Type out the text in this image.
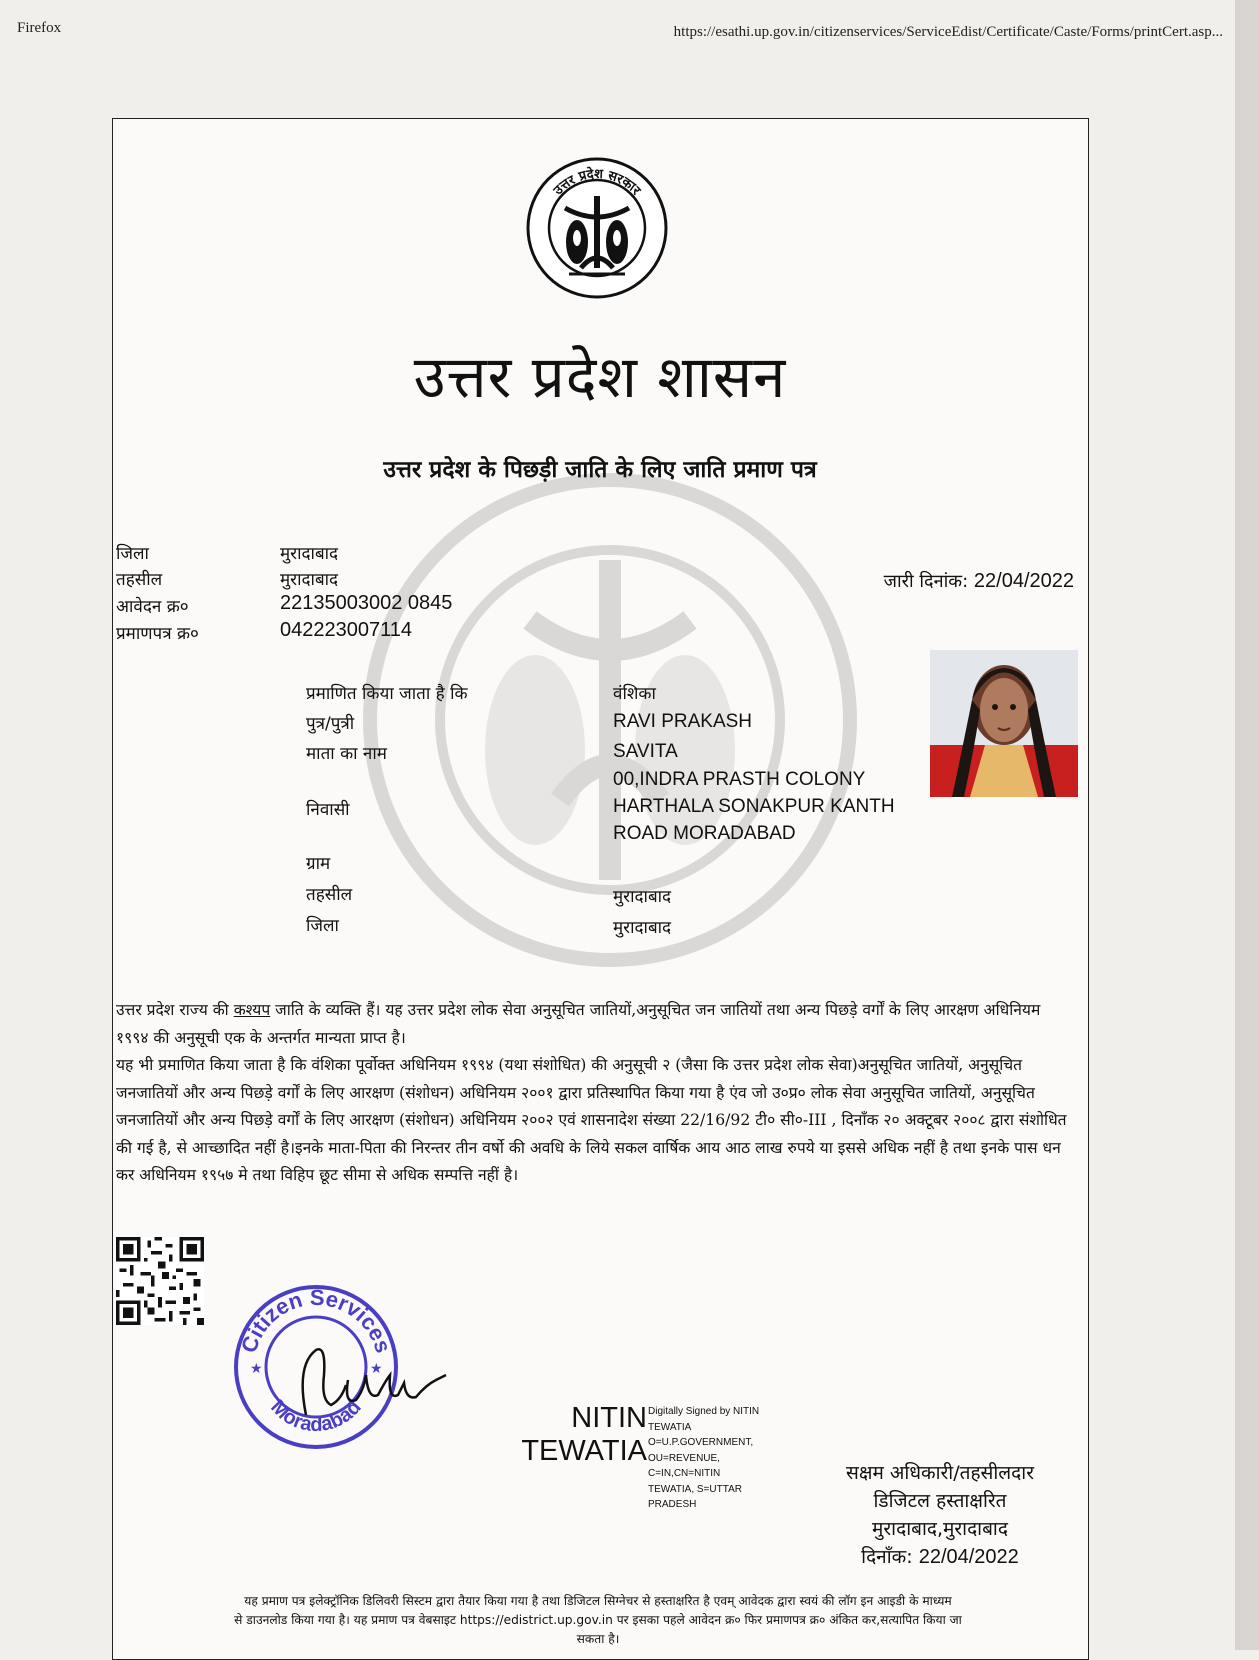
Firefox	https://esathi.up.gov.in/citizenservices/ServiceEdist/Certificate/Caste/Forms/printCert.asp...
उत्तर प्रदेश सरकार
उत्तर प्रदेश शासन
उत्तर प्रदेश के पिछड़ी जाति के लिए जाति प्रमाण पत्र
जिला	मुरादाबाद
तहसील	मुरादाबाद
आवेदन क्र०	22135003002 0845
प्रमाणपत्र क्र०	042223007114
जारी दिनांक: 22/04/2022
प्रमाणित किया जाता है कि	वंशिका
पुत्र/पुत्री	RAVI PRAKASH
माता का नाम	SAVITA
00,INDRA PRASTH COLONY
निवासी	HARTHALA SONAKPUR KANTH
ROAD MORADABAD
ग्राम
तहसील	मुरादाबाद
जिला	मुरादाबाद

उत्तर प्रदेश राज्य की कश्यप जाति के व्यक्ति हैं। यह उत्तर प्रदेश लोक सेवा अनुसूचित जातियों,अनुसूचित जन जातियों तथा अन्य पिछड़े वर्गों के लिए आरक्षण अधिनियम १९९४ की अनुसूची एक के अन्तर्गत मान्यता प्राप्त है।

यह भी प्रमाणित किया जाता है कि वंशिका पूर्वोक्त अधिनियम १९९४ (यथा संशोधित) की अनुसूची २ (जैसा कि उत्तर प्रदेश लोक सेवा)अनुसूचित जातियों, अनुसूचित जनजातियों और अन्य पिछड़े वर्गों के लिए आरक्षण (संशोधन) अधिनियम २००१ द्वारा प्रतिस्थापित किया गया है एंव जो उ०प्र० लोक सेवा अनुसूचित जातियों, अनुसूचित जनजातियों और अन्य पिछड़े वर्गों के लिए आरक्षण (संशोधन) अधिनियम २००२ एवं शासनादेश संख्या 22/16/92 टी० सी०-III , दिनाँक २० अक्टूबर २००८ द्वारा संशोधित की गई है, से आच्छादित नहीं है।इनके माता-पिता की निरन्तर तीन वर्षो की अवधि के लिये सकल वार्षिक आय आठ लाख रुपये या इससे अधिक नहीं है तथा इनके पास धन कर अधिनियम १९५७ मे तथा विहिप छूट सीमा से अधिक सम्पत्ति नहीं है।

Citizen Services
Moradabad
★	★
NITIN
TEWATIA
Digitally Signed by NITIN
TEWATIA
O=U.P.GOVERNMENT,
OU=REVENUE,
C=IN,CN=NITIN
TEWATIA, S=UTTAR
PRADESH
सक्षम अधिकारी/तहसीलदार
डिजिटल हस्ताक्षरित
मुरादाबाद,मुरादाबाद
दिनाँक: 22/04/2022
यह प्रमाण पत्र इलेक्ट्रॉनिक डिलिवरी सिस्टम द्वारा तैयार किया गया है तथा डिजिटल सिग्नेचर से हस्ताक्षरित है एवम् आवेदक द्वारा स्वयं की लॉग इन आइडी के माध्यम
से डाउनलोड किया गया है। यह प्रमाण पत्र वेबसाइट https://edistrict.up.gov.in पर इसका पहले आवेदन क्र० फिर प्रमाणपत्र क्र० अंकित कर,सत्यापित किया जा
सकता है।
